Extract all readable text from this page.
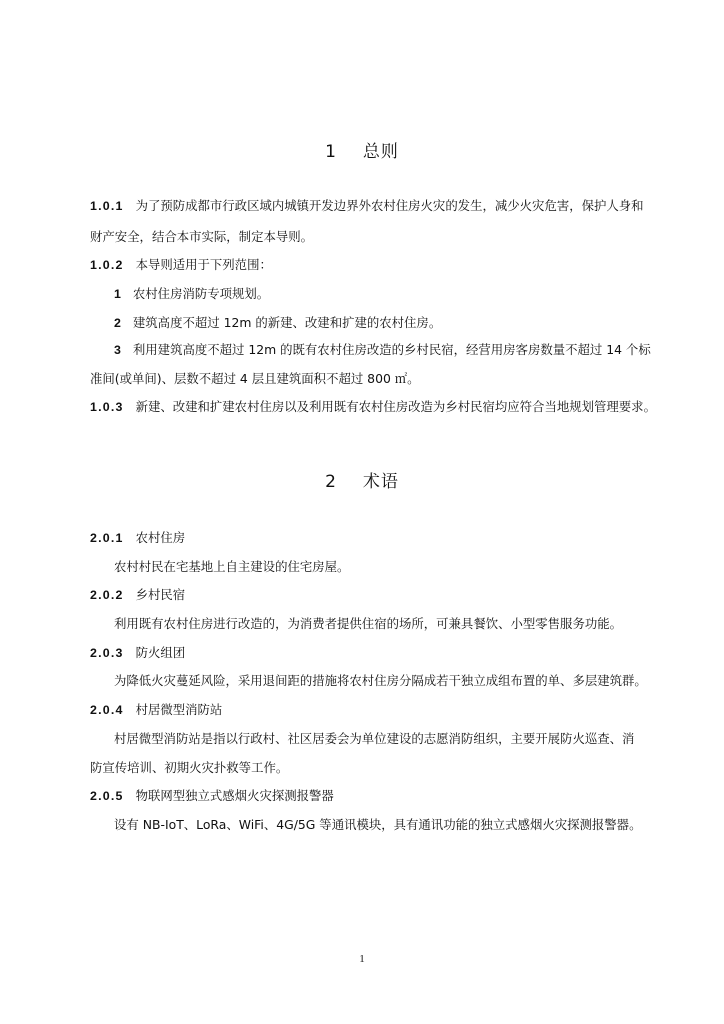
1 总则
1.0.1 为了预防成都市行政区域内城镇开发边界外农村住房火灾的发生，减少火灾危害，保护人身和
财产安全，结合本市实际，制定本导则。
1.0.2 本导则适用于下列范围：
1 农村住房消防专项规划。
2 建筑高度不超过 12m 的新建、改建和扩建的农村住房。
3 利用建筑高度不超过 12m 的既有农村住房改造的乡村民宿，经营用房客房数量不超过 14 个标
准间(或单间)、层数不超过 4 层且建筑面积不超过 800 ㎡。
1.0.3 新建、改建和扩建农村住房以及利用既有农村住房改造为乡村民宿均应符合当地规划管理要求。
2 术语
2.0.1 农村住房
农村村民在宅基地上自主建设的住宅房屋。
2.0.2 乡村民宿
利用既有农村住房进行改造的，为消费者提供住宿的场所，可兼具餐饮、小型零售服务功能。
2.0.3 防火组团
为降低火灾蔓延风险，采用退间距的措施将农村住房分隔成若干独立成组布置的单、多层建筑群。
2.0.4 村居微型消防站
村居微型消防站是指以行政村、社区居委会为单位建设的志愿消防组织，主要开展防火巡查、消
防宣传培训、初期火灾扑救等工作。
2.0.5 物联网型独立式感烟火灾探测报警器
设有 NB-IoT、LoRa、WiFi、4G/5G 等通讯模块，具有通讯功能的独立式感烟火灾探测报警器。
1
